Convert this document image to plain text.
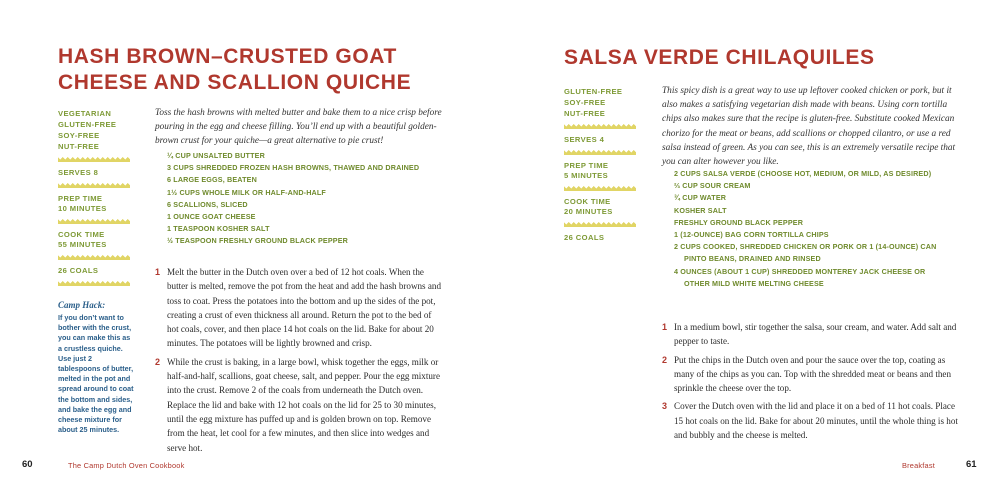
HASH BROWN–CRUSTED GOAT CHEESE AND SCALLION QUICHE
VEGETARIAN
GLUTEN-FREE
SOY-FREE
NUT-FREE
SERVES 8
PREP TIME
10 MINUTES
COOK TIME
55 MINUTES
26 COALS
Camp Hack:
If you don’t want to bother with the crust, you can make this as a crustless quiche. Use just 2 tablespoons of butter, melted in the pot and spread around to coat the bottom and sides, and bake the egg and cheese mixture for about 25 minutes.

Toss the hash browns with melted butter and bake them to a nice crisp before pouring in the egg and cheese filling. You’ll end up with a beautiful golden-brown crust for your quiche—a great alternative to pie crust!

¼ CUP UNSALTED BUTTER
3 CUPS SHREDDED FROZEN HASH BROWNS, THAWED AND DRAINED
6 LARGE EGGS, BEATEN
1½ CUPS WHOLE MILK OR HALF-AND-HALF
6 SCALLIONS, SLICED
1 OUNCE GOAT CHEESE
1 TEASPOON KOSHER SALT
½ TEASPOON FRESHLY GROUND BLACK PEPPER
1 Melt the butter in the Dutch oven over a bed of 12 hot coals. When the butter is melted, remove the pot from the heat and add the hash browns and toss to coat. Press the potatoes into the bottom and up the sides of the pot, creating a crust of even thickness all around. Return the pot to the bed of hot coals, cover, and then place 14 hot coals on the lid. Bake for about 20 minutes. The potatoes will be lightly browned and crisp.
2 While the crust is baking, in a large bowl, whisk together the eggs, milk or half-and-half, scallions, goat cheese, salt, and pepper. Pour the egg mixture into the crust. Remove 2 of the coals from underneath the Dutch oven. Replace the lid and bake with 12 hot coals on the lid for 25 to 30 minutes, until the egg mixture has puffed up and is golden brown on top. Remove from the heat, let cool for a few minutes, and then slice into wedges and serve hot.
60	The Camp Dutch Oven Cookbook
SALSA VERDE CHILAQUILES
GLUTEN-FREE
SOY-FREE
NUT-FREE
SERVES 4
PREP TIME
5 MINUTES
COOK TIME
20 MINUTES
26 COALS

This spicy dish is a great way to use up leftover cooked chicken or pork, but it also makes a satisfying vegetarian dish made with beans. Using corn tortilla chips also makes sure that the recipe is gluten-free. Substitute cooked Mexican chorizo for the meat or beans, add scallions or chopped cilantro, or use a red salsa instead of green. As you can see, this is an extremely versatile recipe that you can alter however you like.

2 CUPS SALSA VERDE (CHOOSE HOT, MEDIUM, OR MILD, AS DESIRED)
⅔ CUP SOUR CREAM
¾ CUP WATER
KOSHER SALT
FRESHLY GROUND BLACK PEPPER
1 (12-OUNCE) BAG CORN TORTILLA CHIPS
2 CUPS COOKED, SHREDDED CHICKEN OR PORK OR 1 (14-OUNCE) CAN PINTO BEANS, DRAINED AND RINSED
4 OUNCES (ABOUT 1 CUP) SHREDDED MONTEREY JACK CHEESE OR OTHER MILD WHITE MELTING CHEESE
1 In a medium bowl, stir together the salsa, sour cream, and water. Add salt and pepper to taste.
2 Put the chips in the Dutch oven and pour the sauce over the top, coating as many of the chips as you can. Top with the shredded meat or beans and then sprinkle the cheese over the top.
3 Cover the Dutch oven with the lid and place it on a bed of 11 hot coals. Place 15 hot coals on the lid. Bake for about 20 minutes, until the whole thing is hot and bubbly and the cheese is melted.
Breakfast	61
